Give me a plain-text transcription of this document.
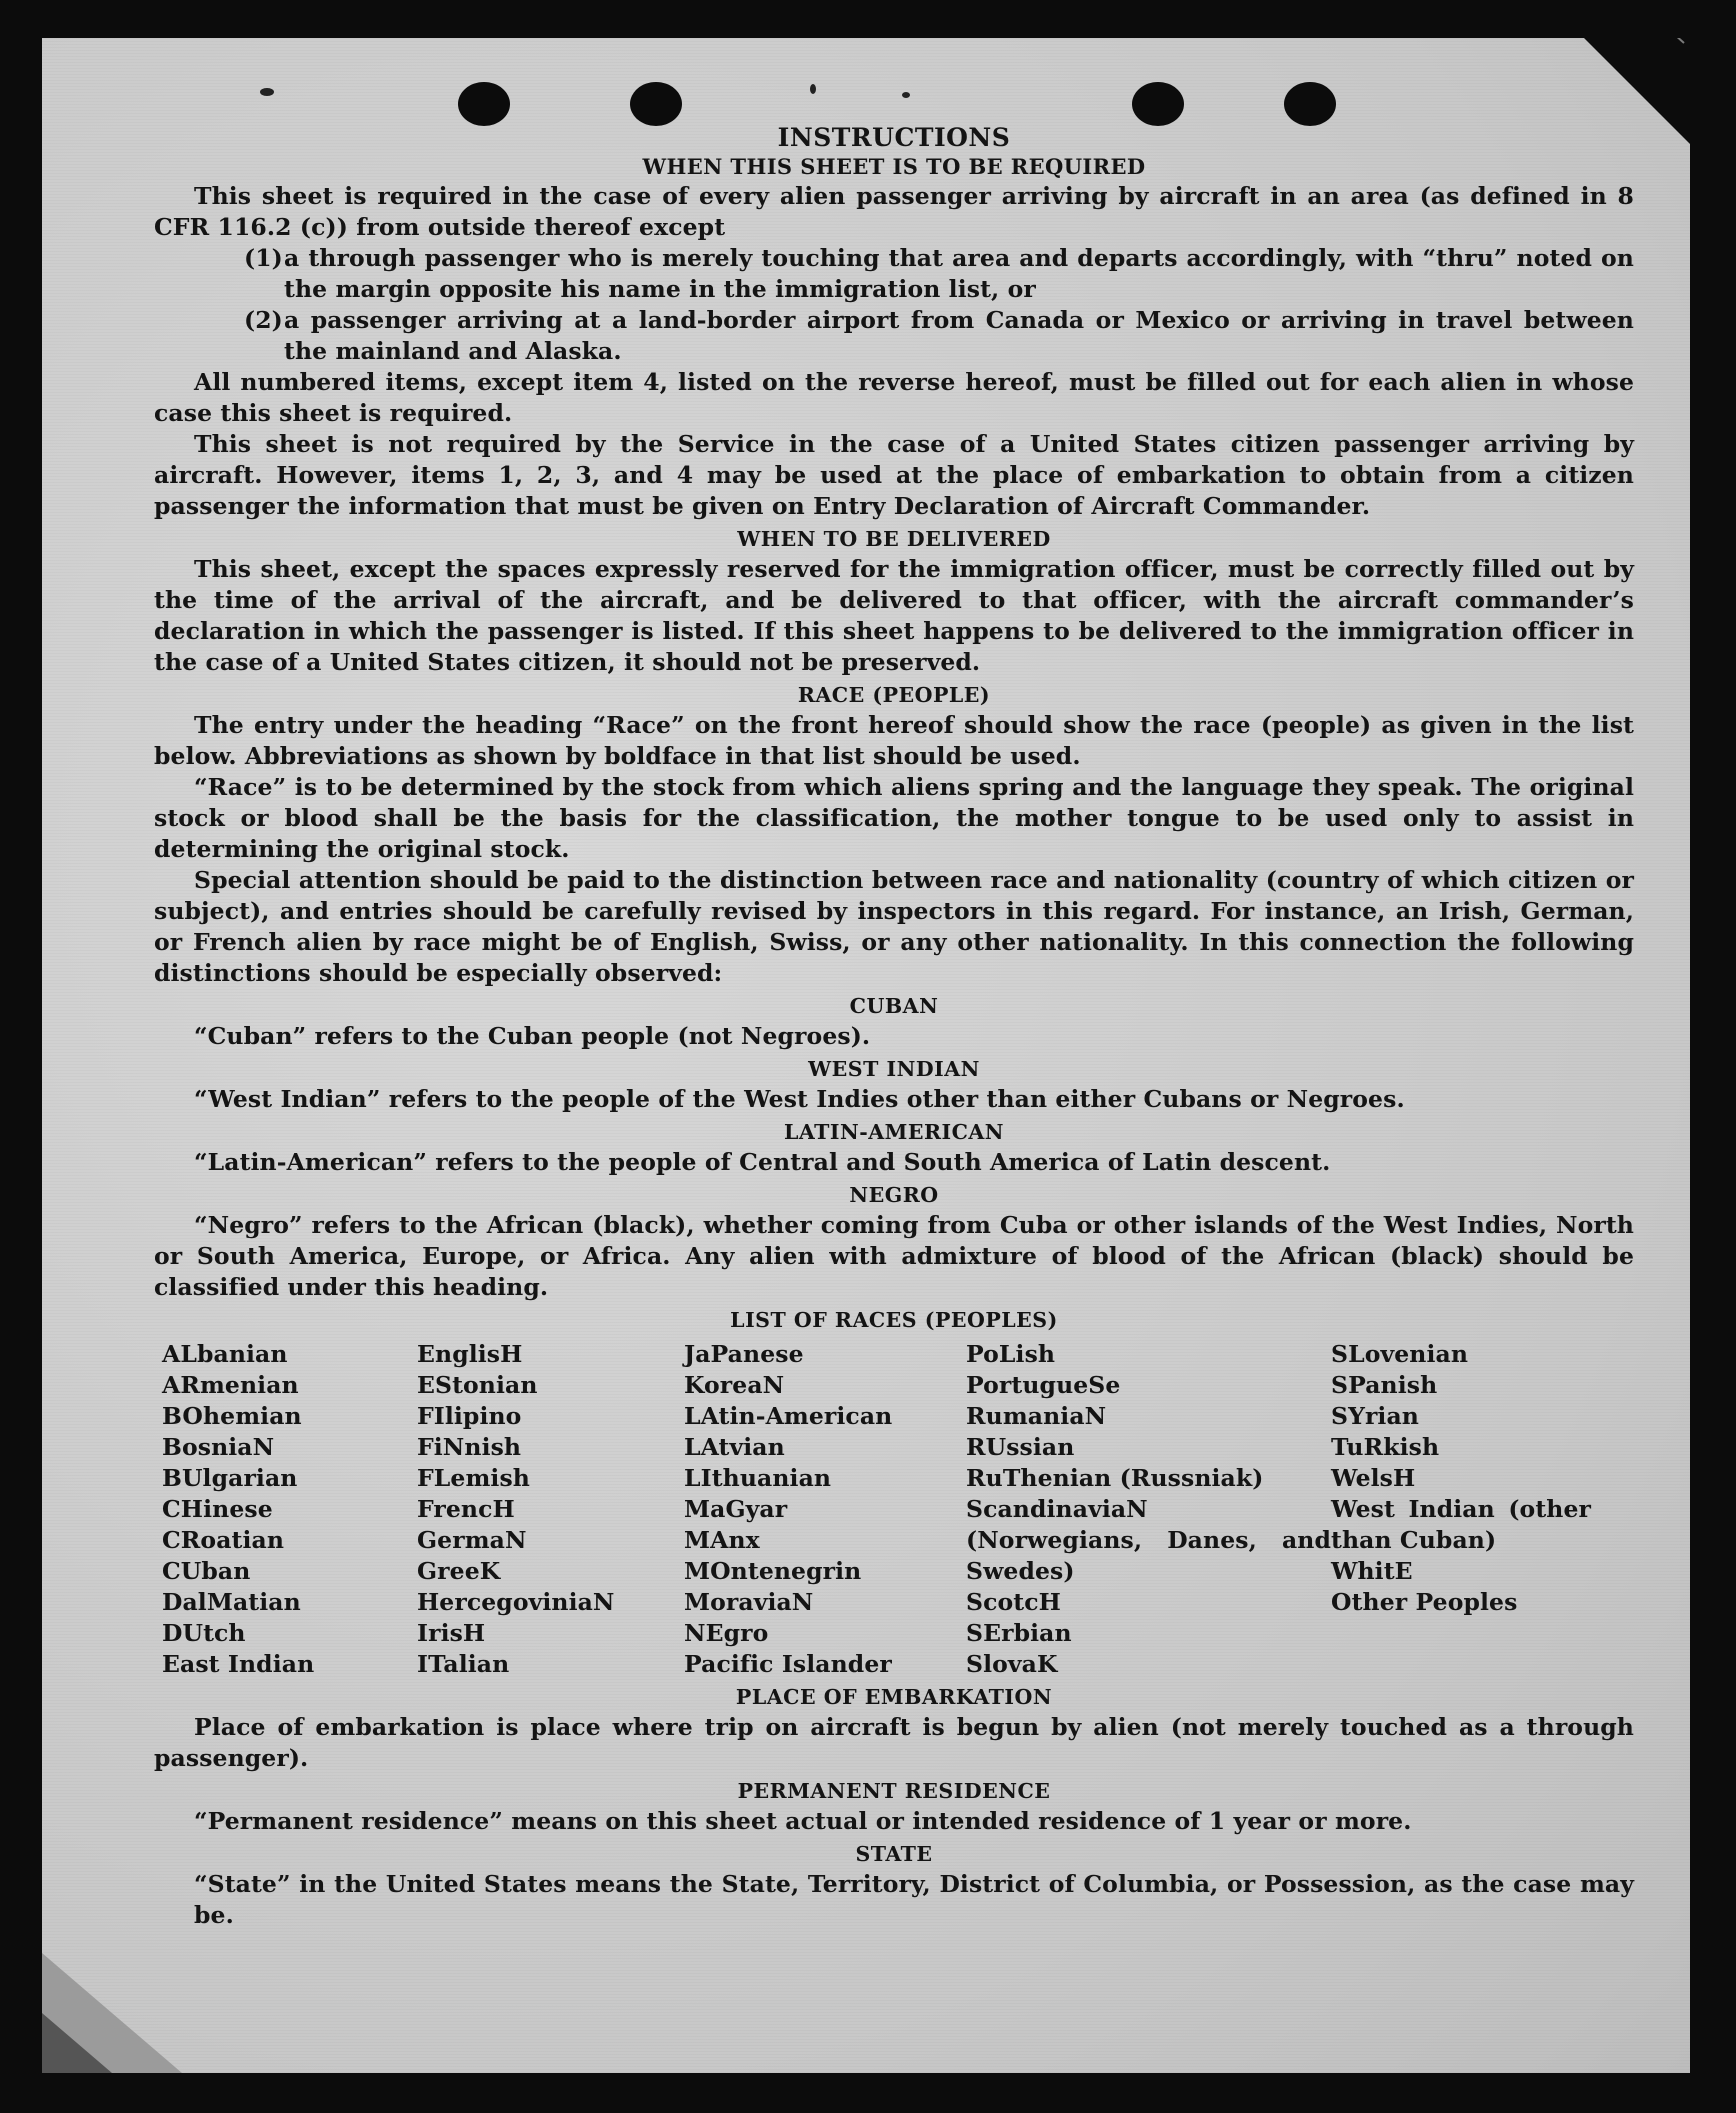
INSTRUCTIONS
WHEN THIS SHEET IS TO BE REQUIRED

This sheet is required in the case of every alien passenger arriving by aircraft in an area (as defined in 8 CFR 116.2 (c)) from outside thereof except

(1) a through passenger who is merely touching that area and departs accordingly, with “thru” noted on the margin opposite his name in the immigration list, or
(2) a passenger arriving at a land-border airport from Canada or Mexico or arriving in travel between the mainland and Alaska.

All numbered items, except item 4, listed on the reverse hereof, must be filled out for each alien in whose case this sheet is required.

This sheet is not required by the Service in the case of a United States citizen passenger arriving by aircraft. However, items 1, 2, 3, and 4 may be used at the place of embarkation to obtain from a citizen passenger the information that must be given on Entry Declaration of Aircraft Commander.

WHEN TO BE DELIVERED

This sheet, except the spaces expressly reserved for the immigration officer, must be correctly filled out by the time of the arrival of the aircraft, and be delivered to that officer, with the aircraft commander’s declaration in which the passenger is listed. If this sheet happens to be delivered to the immigration officer in the case of a United States citizen, it should not be preserved.

RACE (PEOPLE)

The entry under the heading “Race” on the front hereof should show the race (people) as given in the list below. Abbreviations as shown by boldface in that list should be used.

“Race” is to be determined by the stock from which aliens spring and the language they speak. The original stock or blood shall be the basis for the classification, the mother tongue to be used only to assist in determining the original stock.

Special attention should be paid to the distinction between race and nationality (country of which citizen or subject), and entries should be carefully revised by inspectors in this regard. For instance, an Irish, German, or French alien by race might be of English, Swiss, or any other nationality. In this connection the following distinctions should be especially observed:

CUBAN

“Cuban” refers to the Cuban people (not Negroes).

WEST INDIAN

“West Indian” refers to the people of the West Indies other than either Cubans or Negroes.

LATIN-AMERICAN

“Latin-American” refers to the people of Central and South America of Latin descent.

NEGRO

“Negro” refers to the African (black), whether coming from Cuba or other islands of the West Indies, North or South America, Europe, or Africa. Any alien with admixture of blood of the African (black) should be classified under this heading.

LIST OF RACES (PEOPLES)
ALbanian
ARmenian
BOhemian
BosniaN
BUlgarian
CHinese
CRoatian
CUban
DalMatian
DUtch
East Indian
EnglisH
EStonian
FIlipino
FiNnish
FLemish
FrencH
GermaN
GreeK
HercegoviniaN
IrisH
ITalian
JaPanese
KoreaN
LAtin-American
LAtvian
LIthuanian
MaGyar
MAnx
MOntenegrin
MoraviaN
NEgro
Pacific Islander
PoLish
PortugueSe
RumaniaN
RUssian
RuThenian (Russniak)
ScandinaviaN (Norwegians, Danes, and Swedes)
ScotcH
SErbian
SlovaK
SLovenian
SPanish
SYrian
TuRkish
WelsH
West Indian (other than Cuban)
WhitE
Other Peoples
PLACE OF EMBARKATION

Place of embarkation is place where trip on aircraft is begun by alien (not merely touched as a through passenger).

PERMANENT RESIDENCE

“Permanent residence” means on this sheet actual or intended residence of 1 year or more.

STATE

“State” in the United States means the State, Territory, District of Columbia, or Possession, as the case may be.
